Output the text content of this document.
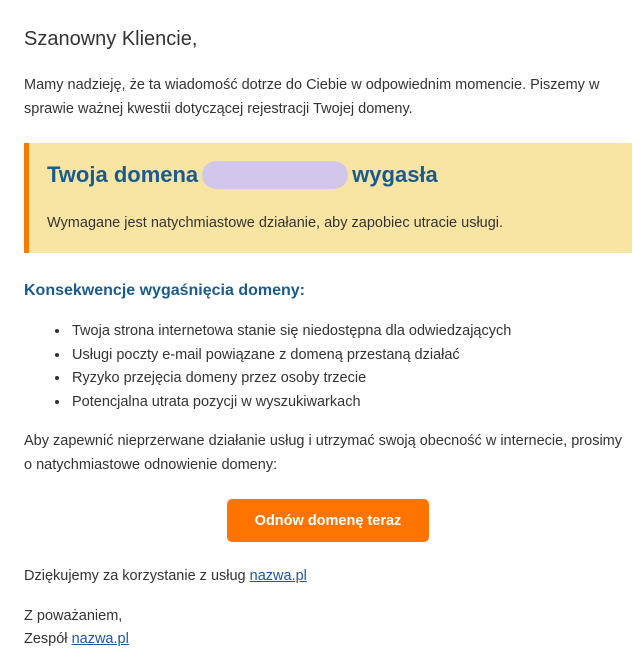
Szanowny Kliencie,

Mamy nadzieję, że ta wiadomość dotrze do Ciebie w odpowiednim momencie. Piszemy w sprawie ważnej kwestii dotyczącej rejestracji Twojej domeny.

Twoja domena	wygasła

Wymagane jest natychmiastowe działanie, aby zapobiec utracie usługi.

Konsekwencje wygaśnięcia domeny:
• Twoja strona internetowa stanie się niedostępna dla odwiedzających
• Usługi poczty e-mail powiązane z domeną przestaną działać
• Ryzyko przejęcia domeny przez osoby trzecie
• Potencjalna utrata pozycji w wyszukiwarkach

Aby zapewnić nieprzerwane działanie usług i utrzymać swoją obecność w internecie, prosimy o natychmiastowe odnowienie domeny:

Odnów domenę teraz

Dziękujemy za korzystanie z usług nazwa.pl

Z poważaniem,
Zespół nazwa.pl
